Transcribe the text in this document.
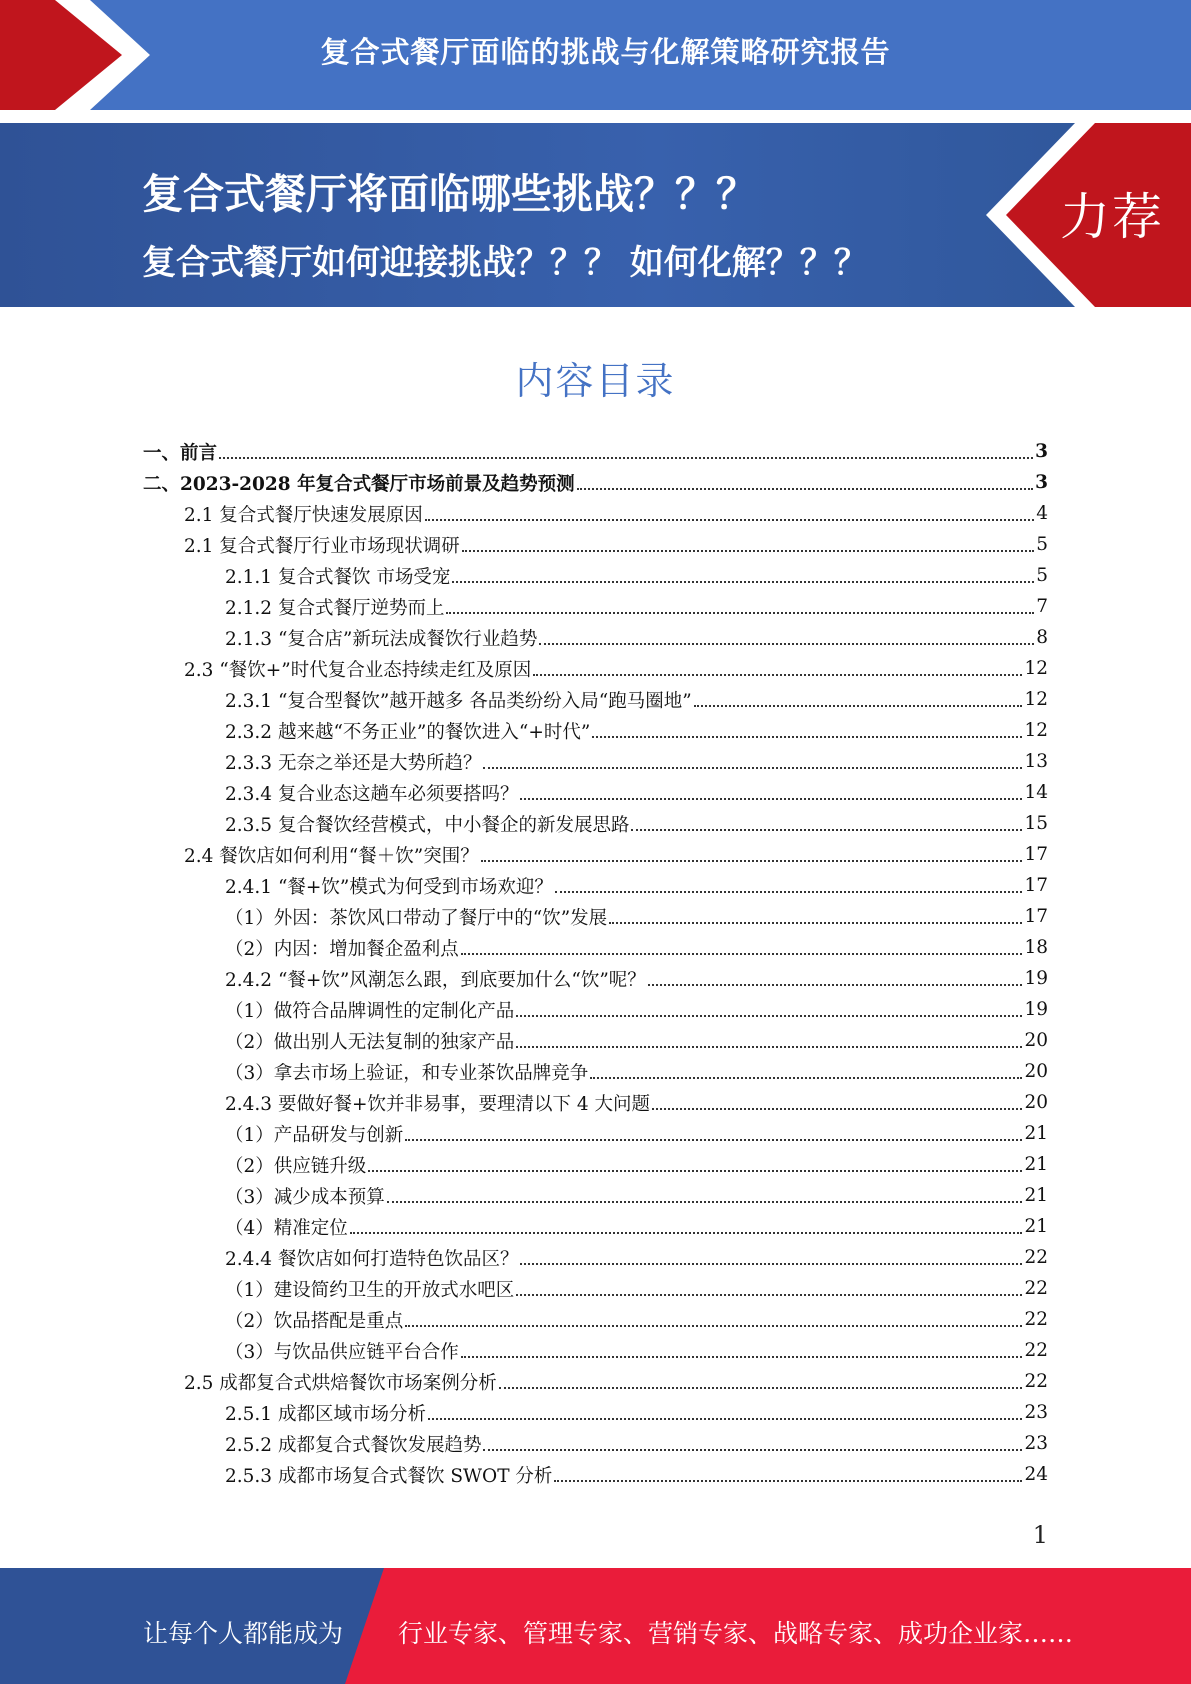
复合式餐厅面临的挑战与化解策略研究报告
复合式餐厅将面临哪些挑战？？？
复合式餐厅如何迎接挑战？？？ 如何化解？？？
力荐
内容目录
一、前言	3
二、2023-2028 年复合式餐厅市场前景及趋势预测	3
2.1 复合式餐厅快速发展原因	4
2.1 复合式餐厅行业市场现状调研	5
2.1.1 复合式餐饮 市场受宠	5
2.1.2 复合式餐厅逆势而上	7
2.1.3 “复合店”新玩法成餐饮行业趋势	8
2.3 “餐饮+”时代复合业态持续走红及原因	12
2.3.1 “复合型餐饮”越开越多 各品类纷纷入局“跑马圈地”	12
2.3.2 越来越“不务正业”的餐饮进入“+时代”	12
2.3.3 无奈之举还是大势所趋？	13
2.3.4 复合业态这趟车必须要搭吗？	14
2.3.5 复合餐饮经营模式，中小餐企的新发展思路	15
2.4 餐饮店如何利用“餐＋饮”突围？	17
2.4.1 “餐+饮”模式为何受到市场欢迎？	17
（1）外因：茶饮风口带动了餐厅中的“饮”发展	17
（2）内因：增加餐企盈利点	18
2.4.2 “餐+饮”风潮怎么跟，到底要加什么“饮”呢？	19
（1）做符合品牌调性的定制化产品	19
（2）做出别人无法复制的独家产品	20
（3）拿去市场上验证，和专业茶饮品牌竞争	20
2.4.3 要做好餐+饮并非易事，要理清以下 4 大问题	20
（1）产品研发与创新	21
（2）供应链升级	21
（3）减少成本预算	21
（4）精准定位	21
2.4.4 餐饮店如何打造特色饮品区？	22
（1）建设简约卫生的开放式水吧区	22
（2）饮品搭配是重点	22
（3）与饮品供应链平台合作	22
2.5 成都复合式烘焙餐饮市场案例分析	22
2.5.1 成都区域市场分析	23
2.5.2 成都复合式餐饮发展趋势	23
2.5.3 成都市场复合式餐饮 SWOT 分析	24
1
让每个人都能成为 行业专家、管理专家、营销专家、战略专家、成功企业家……
